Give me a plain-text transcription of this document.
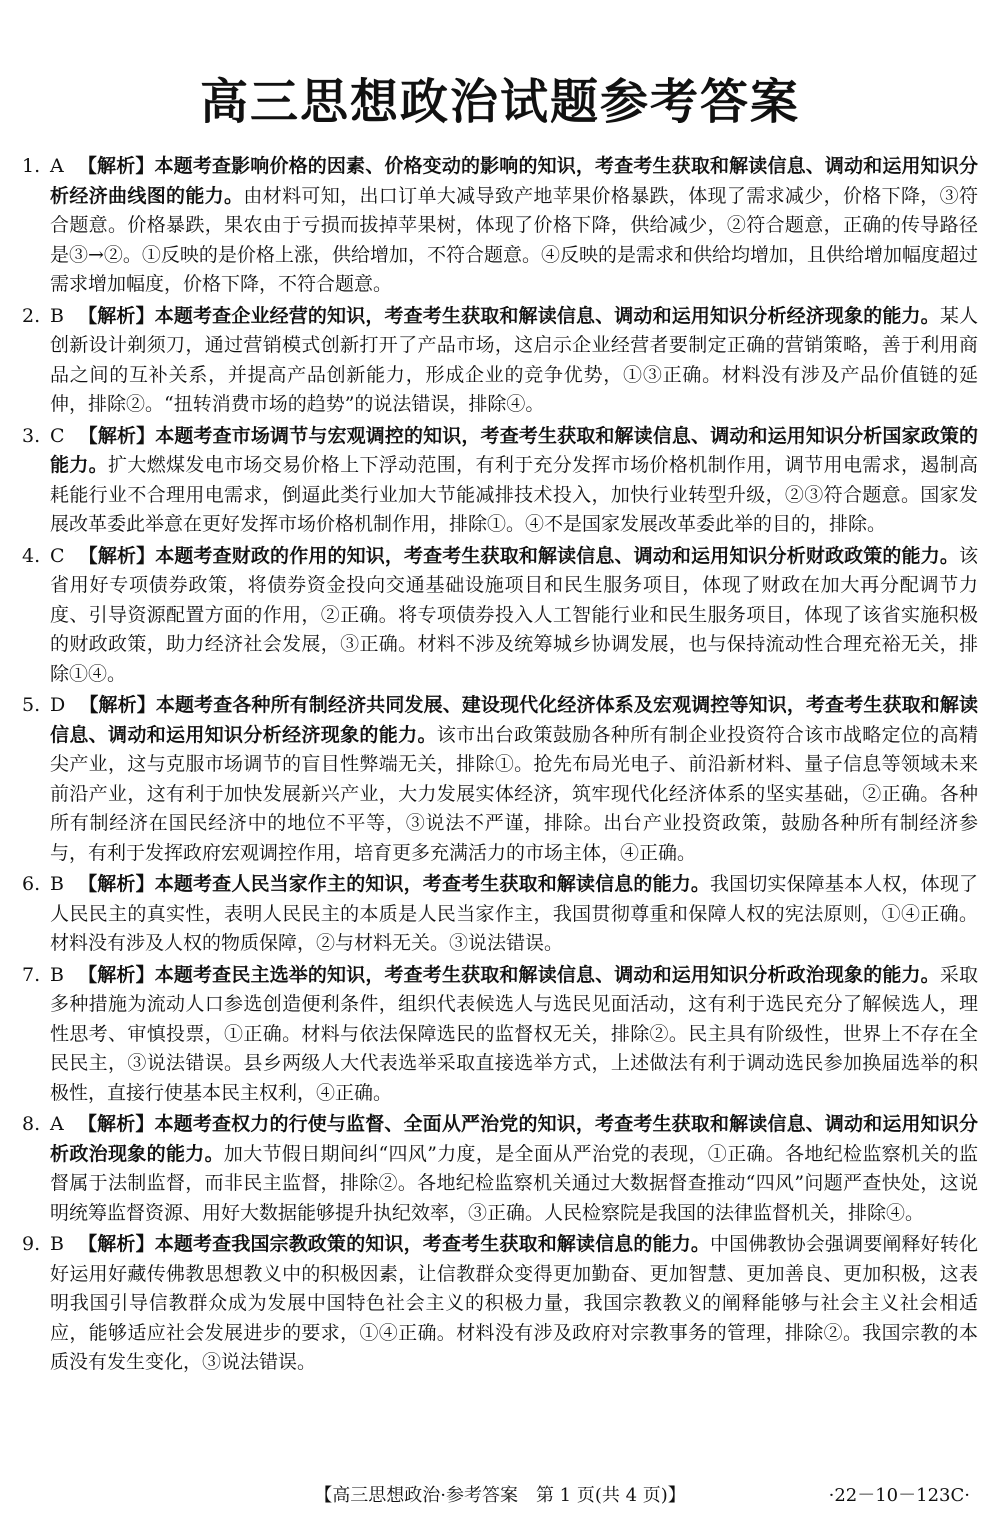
高三思想政治试题参考答案
1. A 【解析】本题考查影响价格的因素、价格变动的影响的知识，考查考生获取和解读信息、调动和运用知识分析经济曲线图的能力。由材料可知，出口订单大减导致产地苹果价格暴跌，体现了需求减少，价格下降，③符合题意。价格暴跌，果农由于亏损而拔掉苹果树，体现了价格下降，供给减少，②符合题意，正确的传导路径是③→②。①反映的是价格上涨，供给增加，不符合题意。④反映的是需求和供给均增加，且供给增加幅度超过需求增加幅度，价格下降，不符合题意。
2. B 【解析】本题考查企业经营的知识，考查考生获取和解读信息、调动和运用知识分析经济现象的能力。某人创新设计剃须刀，通过营销模式创新打开了产品市场，这启示企业经营者要制定正确的营销策略，善于利用商品之间的互补关系，并提高产品创新能力，形成企业的竞争优势，①③正确。材料没有涉及产品价值链的延伸，排除②。“扭转消费市场的趋势”的说法错误，排除④。
3. C 【解析】本题考查市场调节与宏观调控的知识，考查考生获取和解读信息、调动和运用知识分析国家政策的能力。扩大燃煤发电市场交易价格上下浮动范围，有利于充分发挥市场价格机制作用，调节用电需求，遏制高耗能行业不合理用电需求，倒逼此类行业加大节能减排技术投入，加快行业转型升级，②③符合题意。国家发展改革委此举意在更好发挥市场价格机制作用，排除①。④不是国家发展改革委此举的目的，排除。
4. C 【解析】本题考查财政的作用的知识，考查考生获取和解读信息、调动和运用知识分析财政政策的能力。该省用好专项债券政策，将债券资金投向交通基础设施项目和民生服务项目，体现了财政在加大再分配调节力度、引导资源配置方面的作用，②正确。将专项债券投入人工智能行业和民生服务项目，体现了该省实施积极的财政政策，助力经济社会发展，③正确。材料不涉及统筹城乡协调发展，也与保持流动性合理充裕无关，排除①④。
5. D 【解析】本题考查各种所有制经济共同发展、建设现代化经济体系及宏观调控等知识，考查考生获取和解读信息、调动和运用知识分析经济现象的能力。该市出台政策鼓励各种所有制企业投资符合该市战略定位的高精尖产业，这与克服市场调节的盲目性弊端无关，排除①。抢先布局光电子、前沿新材料、量子信息等领域未来前沿产业，这有利于加快发展新兴产业，大力发展实体经济，筑牢现代化经济体系的坚实基础，②正确。各种所有制经济在国民经济中的地位不平等，③说法不严谨，排除。出台产业投资政策，鼓励各种所有制经济参与，有利于发挥政府宏观调控作用，培育更多充满活力的市场主体，④正确。
6. B 【解析】本题考查人民当家作主的知识，考查考生获取和解读信息的能力。我国切实保障基本人权，体现了人民民主的真实性，表明人民民主的本质是人民当家作主，我国贯彻尊重和保障人权的宪法原则，①④正确。材料没有涉及人权的物质保障，②与材料无关。③说法错误。
7. B 【解析】本题考查民主选举的知识，考查考生获取和解读信息、调动和运用知识分析政治现象的能力。采取多种措施为流动人口参选创造便利条件，组织代表候选人与选民见面活动，这有利于选民充分了解候选人，理性思考、审慎投票，①正确。材料与依法保障选民的监督权无关，排除②。民主具有阶级性，世界上不存在全民民主，③说法错误。县乡两级人大代表选举采取直接选举方式，上述做法有利于调动选民参加换届选举的积极性，直接行使基本民主权利，④正确。
8. A 【解析】本题考查权力的行使与监督、全面从严治党的知识，考查考生获取和解读信息、调动和运用知识分析政治现象的能力。加大节假日期间纠“四风”力度，是全面从严治党的表现，①正确。各地纪检监察机关的监督属于法制监督，而非民主监督，排除②。各地纪检监察机关通过大数据督查推动“四风”问题严查快处，这说明统筹监督资源、用好大数据能够提升执纪效率，③正确。人民检察院是我国的法律监督机关，排除④。
9. B 【解析】本题考查我国宗教政策的知识，考查考生获取和解读信息的能力。中国佛教协会强调要阐释好转化好运用好藏传佛教思想教义中的积极因素，让信教群众变得更加勤奋、更加智慧、更加善良、更加积极，这表明我国引导信教群众成为发展中国特色社会主义的积极力量，我国宗教教义的阐释能够与社会主义社会相适应，能够适应社会发展进步的要求，①④正确。材料没有涉及政府对宗教事务的管理，排除②。我国宗教的本质没有发生变化，③说法错误。
【高三思想政治·参考答案　第 1 页(共 4 页)】	·22－10－123C·
